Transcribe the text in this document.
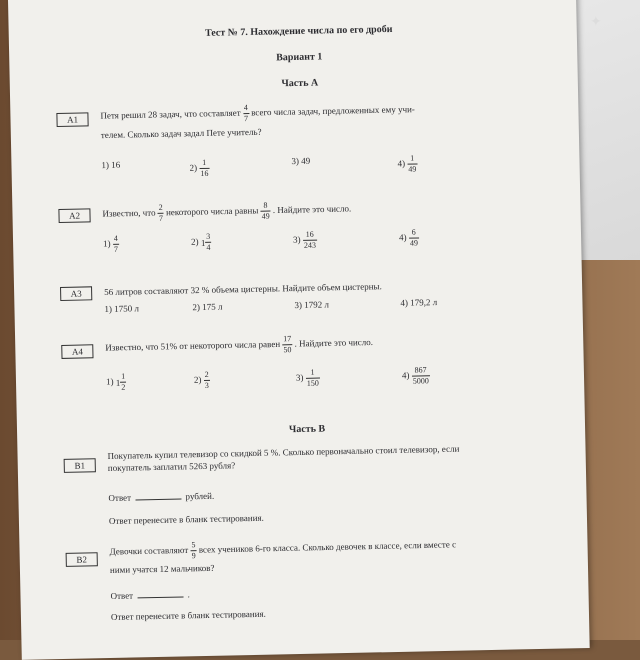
✦
Тест № 7. Нахождение числа по его дроби
Вариант 1
Часть А
A1	Петя решил 28 задач, что составляет $\frac{4}{7}$ всего числа задач, предложенных ему учи-
телем. Сколько задач задал Пете учитель?
1) 16	$2) \frac{1}{16}$	3) 49	$4) \frac{1}{49}$
A2	Известно, что $\frac{2}{7}$ некоторого числа равны $\frac{8}{49}$ . Найдите это число.
$1) \frac{4}{7}$	2) $1 \frac{3}{4}$	$3) \frac{16}{243}$	$4) \frac{6}{49}$
A3	56 литров составляют 32 % объема цистерны. Найдите объем цистерны.
1) 1750 л	2) 175 л	3) 1792 л	4) 179,2 л
A4	Известно, что 51% от некоторого числа равен $\frac{17}{50}$ . Найдите это число.
1) $1 \frac{1}{2}$	$2) \frac{2}{3}$	$3) \frac{1}{150}$	$4) \frac{867}{5000}$
Часть B
B1
Покупатель купил телевизор со скидкой 5 %. Сколько первоначально стоил телевизор, если
покупатель заплатил 5263 рубля?
Ответ	рублей.
Ответ перенесите в бланк тестирования.
B2
Девочки составляют $\frac{5}{9}$ всех учеников 6-го класса. Сколько девочек в классе, если вместе с
ними учатся 12 мальчиков?
Ответ	.
Ответ перенесите в бланк тестирования.
